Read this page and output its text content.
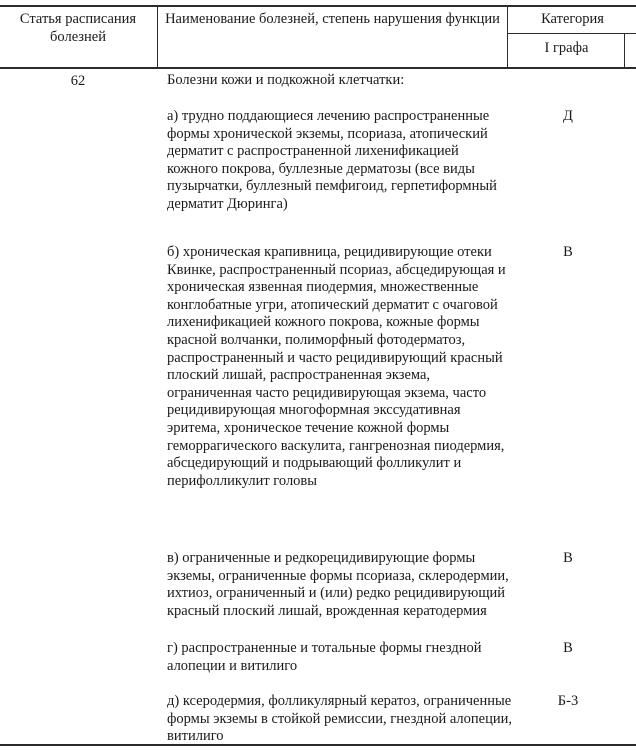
Статья расписания болезней
Наименование болезней, степень нарушения функции	Категория
I графа
62	Болезни кожи и подкожной клетчатки:
а) трудно поддающиеся лечению распространенные формы хронической экземы, псориаза, атопический дерматит с распространенной лихенификацией кожного покрова, буллезные дерматозы (все виды пузырчатки, буллезный пемфигоид, герпетиформный дерматит Дюринга)
Д
б) хроническая крапивница, рецидивирующие отеки Квинке, распространенный псориаз, абсцедирующая и хроническая язвенная пиодермия, множественные конглобатные угри, атопический дерматит с очаговой лихенификацией кожного покрова, кожные формы красной волчанки, полиморфный фотодерматоз, распространенный и часто рецидивирующий красный плоский лишай, распространенная экзема, ограниченная часто рецидивирующая экзема, часто рецидивирующая многоформная экссудативная эритема, хроническое течение кожной формы геморрагического васкулита, гангренозная пиодермия, абсцедирующий и подрывающий фолликулит и перифолликулит головы
В
в) ограниченные и редкорецидивирующие формы экземы, ограниченные формы псориаза, склеродермии, ихтиоз, ограниченный и (или) редко рецидивирующий красный плоский лишай, врожденная кератодермия
В
г) распространенные и тотальные формы гнездной алопеции и витилиго
В
д) ксеродермия, фолликулярный кератоз, ограниченные формы экземы в стойкой ремиссии, гнездной алопеции, витилиго
Б-3
